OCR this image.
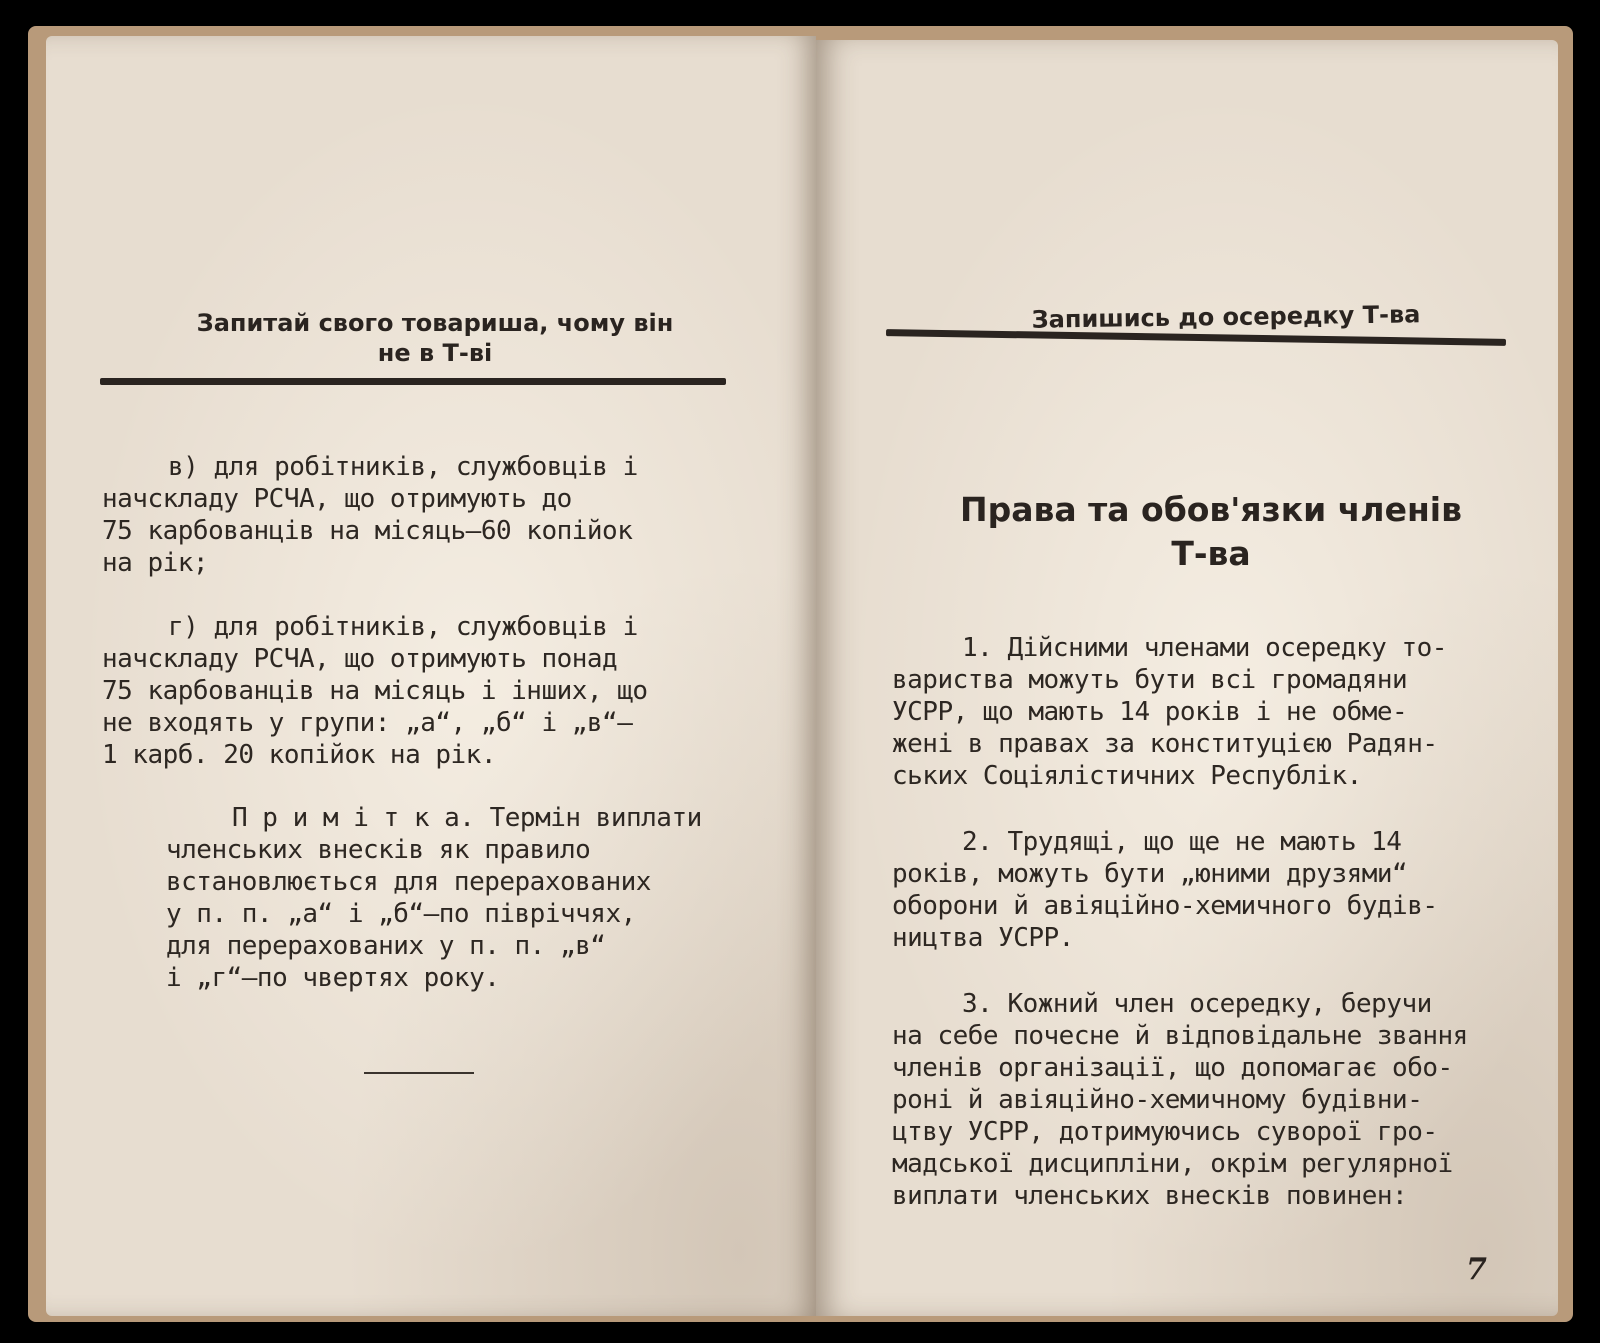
Запитай свого товариша, чому він
не в Т-ві
в) для робітників, службовців і
начскладу РСЧА, що отримують до
75 карбованців на місяць—60 копійок
на рік;
г) для робітників, службовців і
начскладу РСЧА, що отримують понад
75 карбованців на місяць і інших, що
не входять у групи: „а“, „б“ і „в“—
1 карб. 20 копійок на рік.
П р и м і т к а. Термін виплати
членських внесків як правило
встановлюється для перерахованих
у п. п. „а“ і „б“—по півріччях,
для перерахованих у п. п. „в“
і „г“—по чвертях року.
Запишись до осередку Т-ва
Права та обов'язки членів
Т-ва
1. Дійсними членами осередку то-
вариства можуть бути всі громадяни
УСРР, що мають 14 років і не обме-
жені в правах за конституцією Радян-
ських Соціялістичних Республік.
2. Трудящі, що ще не мають 14
років, можуть бути „юними друзями“
оборони й авіяційно-хемичного будів-
ництва УСРР.
3. Кожний член осередку, беручи
на себе почесне й відповідальне звання
членів організації, що допомагає обо-
роні й авіяційно-хемичному будівни-
цтву УСРР, дотримуючись суворої гро-
мадської дисципліни, окрім регулярної
виплати членських внесків повинен:
7
